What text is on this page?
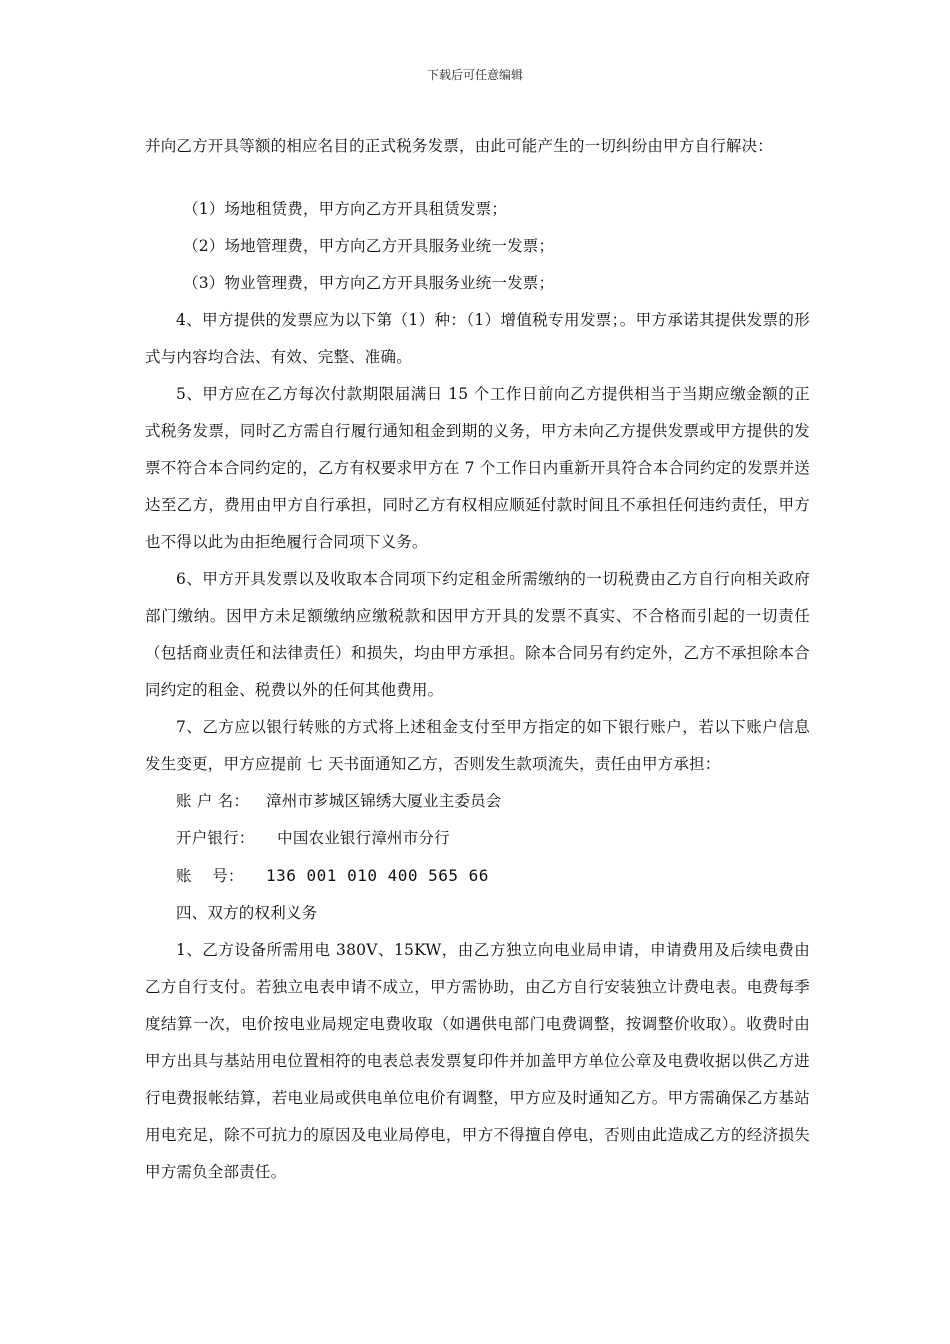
下载后可任意编辑

并向乙方开具等额的相应名目的正式税务发票，由此可能产生的一切纠纷由甲方自行解决：

（1）场地租赁费，甲方向乙方开具租赁发票；

（2）场地管理费，甲方向乙方开具服务业统一发票；

（3）物业管理费，甲方向乙方开具服务业统一发票；

4、甲方提供的发票应为以下第（1）种：（1）增值税专用发票；。甲方承诺其提供发票的形式与内容均合法、有效、完整、准确。

5、甲方应在乙方每次付款期限届满日 15 个工作日前向乙方提供相当于当期应缴金额的正式税务发票，同时乙方需自行履行通知租金到期的义务，甲方未向乙方提供发票或甲方提供的发票不符合本合同约定的，乙方有权要求甲方在 7 个工作日内重新开具符合本合同约定的发票并送达至乙方，费用由甲方自行承担，同时乙方有权相应顺延付款时间且不承担任何违约责任，甲方也不得以此为由拒绝履行合同项下义务。

6、甲方开具发票以及收取本合同项下约定租金所需缴纳的一切税费由乙方自行向相关政府部门缴纳。因甲方未足额缴纳应缴税款和因甲方开具的发票不真实、不合格而引起的一切责任（包括商业责任和法律责任）和损失，均由甲方承担。除本合同另有约定外，乙方不承担除本合同约定的租金、税费以外的任何其他费用。

7、乙方应以银行转账的方式将上述租金支付至甲方指定的如下银行账户，若以下账户信息发生变更，甲方应提前 七 天书面通知乙方，否则发生款项流失，责任由甲方承担：

账 户 名： 漳州市芗城区锦绣大厦业主委员会
开户银行： 中国农业银行漳州市分行
账    号： 136 001 010 400 565 66

四、双方的权利义务

1、乙方设备所需用电 380V、15KW，由乙方独立向电业局申请，申请费用及后续电费由乙方自行支付。若独立电表申请不成立，甲方需协助，由乙方自行安装独立计费电表。电费每季度结算一次，电价按电业局规定电费收取（如遇供电部门电费调整，按调整价收取）。收费时由甲方出具与基站用电位置相符的电表总表发票复印件并加盖甲方单位公章及电费收据以供乙方进行电费报帐结算，若电业局或供电单位电价有调整，甲方应及时通知乙方。甲方需确保乙方基站用电充足，除不可抗力的原因及电业局停电，甲方不得擅自停电，否则由此造成乙方的经济损失甲方需负全部责任。
